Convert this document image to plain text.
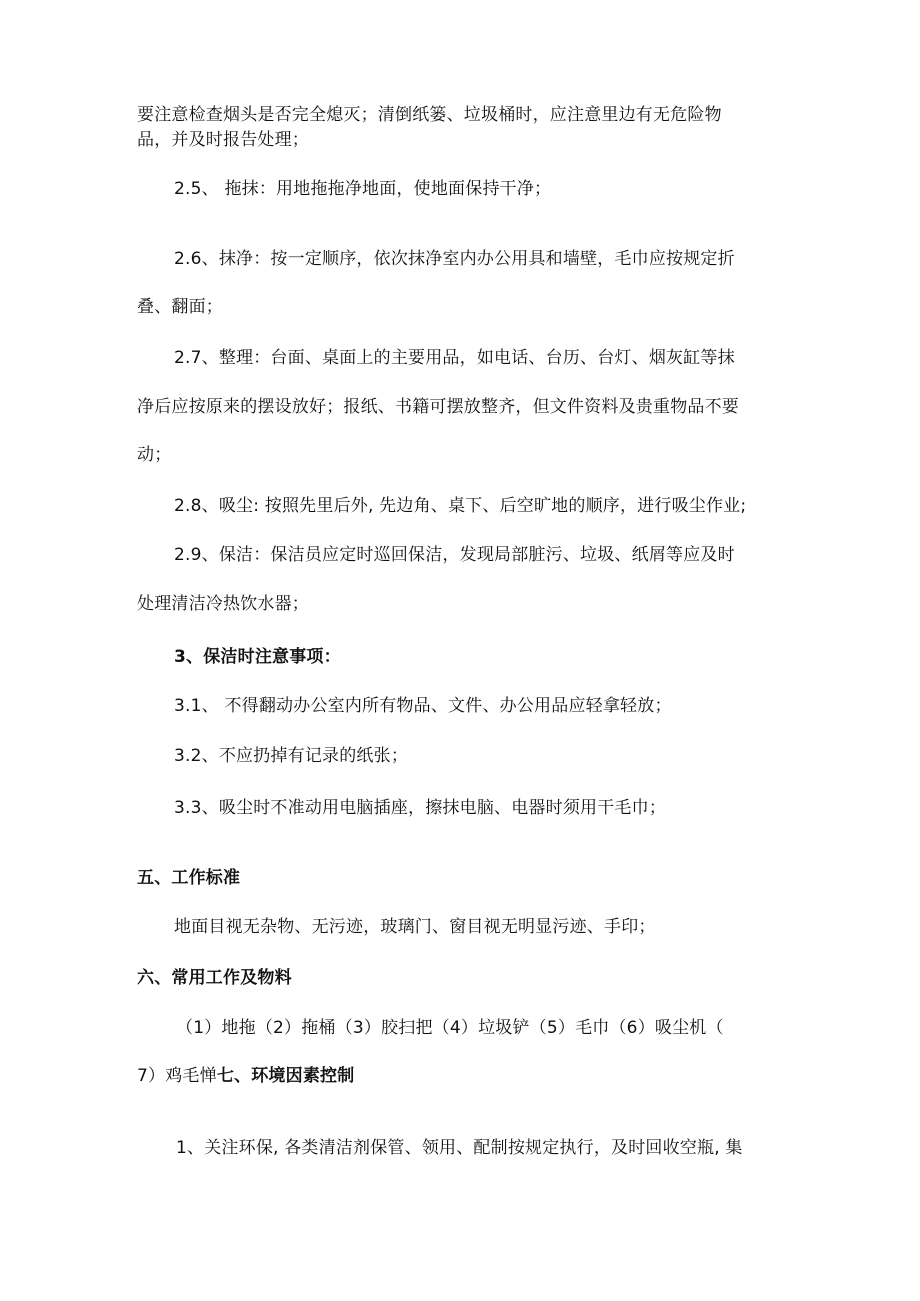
要注意检查烟头是否完全熄灭；清倒纸篓、垃圾桶时，应注意里边有无危险物
品，并及时报告处理；
2.5、 拖抹：用地拖拖净地面，使地面保持干净；
2.6、抹净：按一定顺序，依次抹净室内办公用具和墙壁，毛巾应按规定折
叠、翻面；
2.7、整理：台面、桌面上的主要用品，如电话、台历、台灯、烟灰缸等抹
净后应按原来的摆设放好；报纸、书籍可摆放整齐，但文件资料及贵重物品不要
动；
2.8、吸尘: 按照先里后外, 先边角、桌下、后空旷地的顺序，进行吸尘作业;
2.9、保洁：保洁员应定时巡回保洁，发现局部脏污、垃圾、纸屑等应及时
处理清洁冷热饮水器；
3、保洁时注意事项：
3.1、 不得翻动办公室内所有物品、文件、办公用品应轻拿轻放；
3.2、不应扔掉有记录的纸张；
3.3、吸尘时不准动用电脑插座，擦抹电脑、电器时须用干毛巾；
五、工作标准
地面目视无杂物、无污迹，玻璃门、窗目视无明显污迹、手印；
六、常用工作及物料
（1）地拖（2）拖桶（3）胶扫把（4）垃圾铲（5）毛巾（6）吸尘机（
7）鸡毛惮七、环境因素控制
1、关注环保, 各类清洁剂保管、领用、配制按规定执行，及时回收空瓶, 集
